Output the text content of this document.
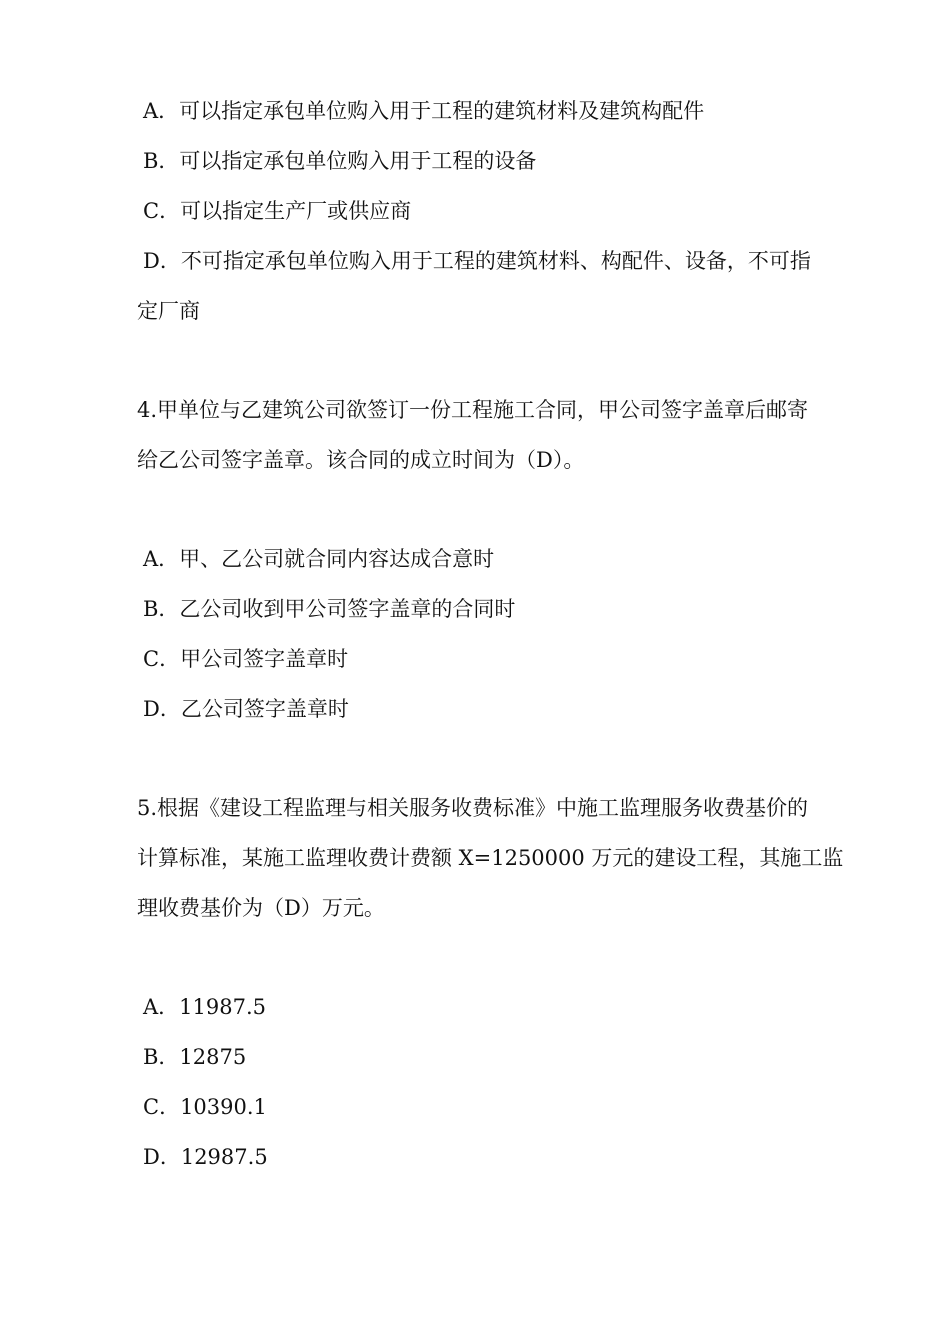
A．可以指定承包单位购入用于工程的建筑材料及建筑构配件
B．可以指定承包单位购入用于工程的设备
C．可以指定生产厂或供应商
D．不可指定承包单位购入用于工程的建筑材料、构配件、设备，不可指
定厂商
4.甲单位与乙建筑公司欲签订一份工程施工合同，甲公司签字盖章后邮寄
给乙公司签字盖章。该合同的成立时间为（D）。
A．甲、乙公司就合同内容达成合意时
B．乙公司收到甲公司签字盖章的合同时
C．甲公司签字盖章时
D．乙公司签字盖章时
5.根据《建设工程监理与相关服务收费标准》中施工监理服务收费基价的
计算标准，某施工监理收费计费额 X=1250000 万元的建设工程，其施工监
理收费基价为（D）万元。
A．11987.5
B．12875
C．10390.1
D．12987.5
